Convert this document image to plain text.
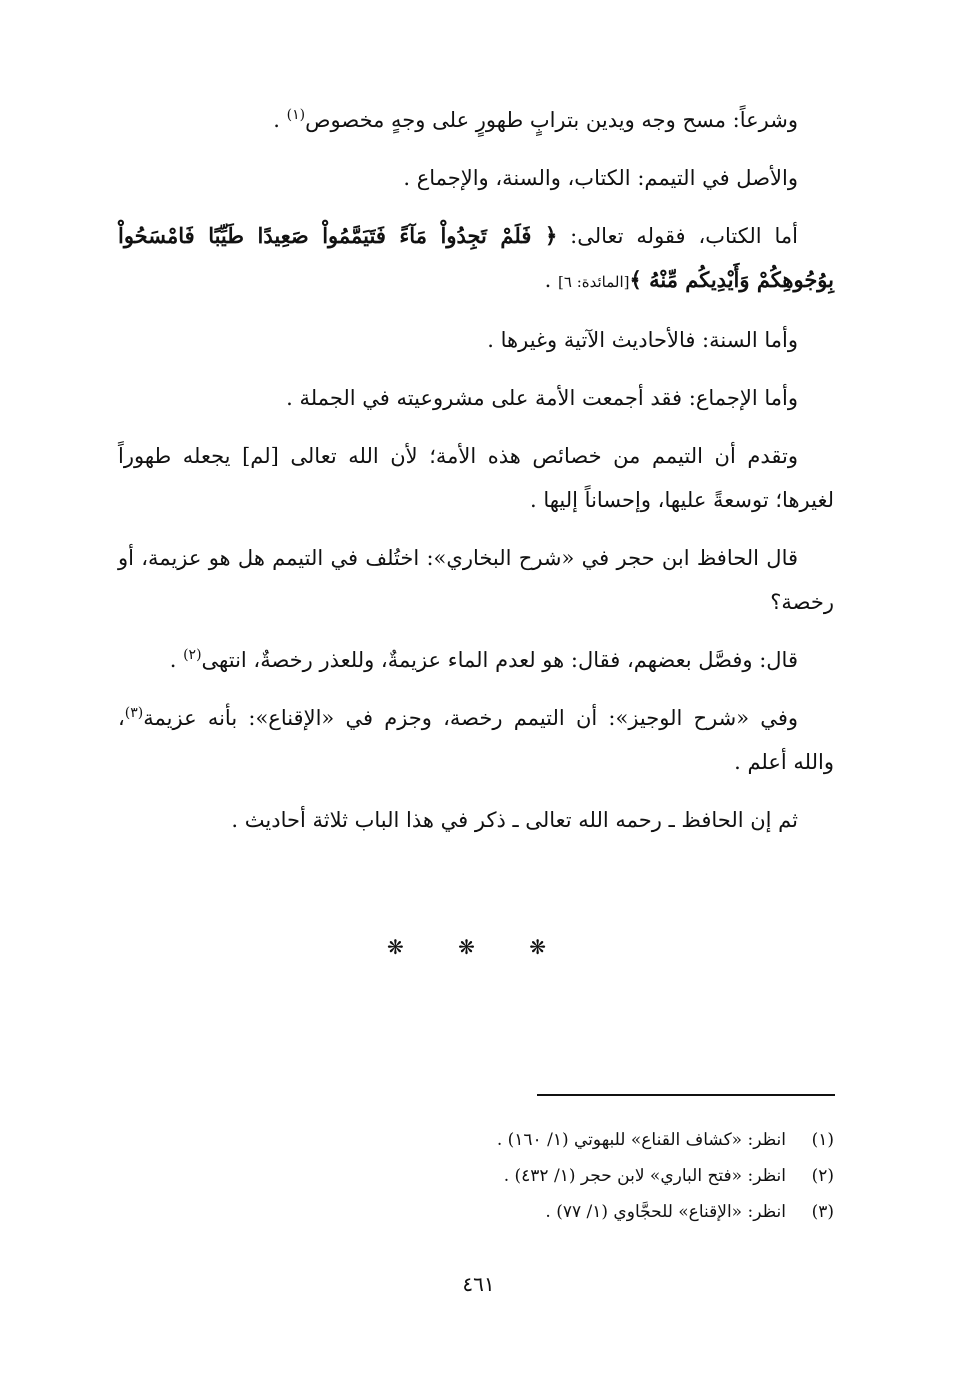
وشرعاً: مسح وجه ويدين بترابٍ طهورٍ على وجهٍ مخصوص$^{(١)}$ .

والأصل في التيمم: الكتاب، والسنة، والإجماع .

أما الكتاب، فقوله تعالى: ﴿ فَلَمْ تَجِدُواْ مَآءً فَتَيَمَّمُواْ صَعِيدًا طَيِّبًا فَامْسَحُواْ بِوُجُوهِكُمْ وَأَيْدِيكُم مِّنْهُ ﴾[المائدة: ٦] .

وأما السنة: فالأحاديث الآتية وغيرها .

وأما الإجماع: فقد أجمعت الأمة على مشروعيته في الجملة .

وتقدم أن التيمم من خصائص هذه الأمة؛ لأن الله تعالى [لم] يجعله طهوراً لغيرها؛ توسعةً عليها، وإحساناً إليها .

قال الحافظ ابن حجر في «شرح البخاري»: اختُلف في التيمم هل هو عزيمة، أو رخصة؟

قال: وفصَّل بعضهم، فقال: هو لعدم الماء عزيمةٌ، وللعذر رخصةٌ، انتهى$^{(٢)}$ .

وفي «شرح الوجيز»: أن التيمم رخصة، وجزم في «الإقناع»: بأنه عزيمة$^{(٣)}$، والله أعلم .

ثم إن الحافظ ـ رحمه الله تعالى ـ ذكر في هذا الباب ثلاثة أحاديث .

❋ ❋ ❋
(١)
انظر: «كشاف القناع» للبهوتي (١/ ١٦٠) .
(٢)
انظر: «فتح الباري» لابن حجر (١/ ٤٣٢) .
(٣)
انظر: «الإقناع» للحجَّاوي (١/ ٧٧) .
٤٦١
